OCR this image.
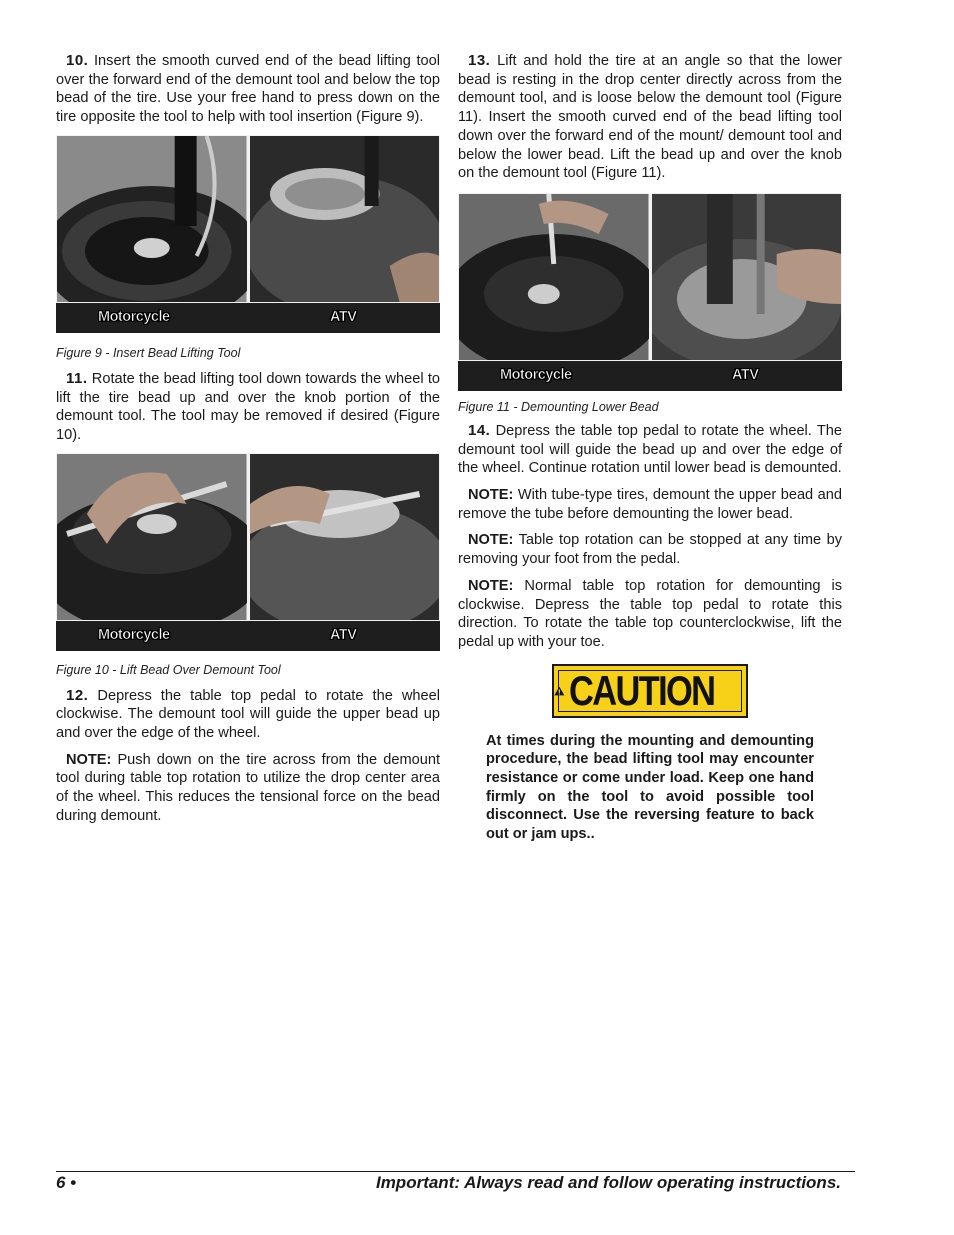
10. Insert the smooth curved end of the bead lifting tool over the forward end of the demount tool and below the top bead of the tire. Use your free hand to press down on the tire opposite the tool to help with tool insertion (Figure 9).

Motorcycle	ATV

Figure 9 - Insert Bead Lifting Tool

11. Rotate the bead lifting tool down towards the wheel to lift the tire bead up and over the knob portion of the demount tool. The tool may be removed if desired (Figure 10).

Motorcycle	ATV

Figure 10 - Lift Bead Over Demount Tool

12. Depress the table top pedal to rotate the wheel clockwise. The demount tool will guide the upper bead up and over the edge of the wheel.

NOTE: Push down on the tire across from the demount tool during table top rotation to utilize the drop center area of the wheel. This reduces the tensional force on the bead during demount.

13. Lift and hold the tire at an angle so that the lower bead is resting in the drop center directly across from the demount tool, and is loose below the demount tool (Figure 11). Insert the smooth curved end of the bead lifting tool down over the forward end of the mount/ demount tool and below the lower bead. Lift the bead up and over the knob on the demount tool (Figure 11).

Motorcycle	ATV

Figure 11 - Demounting Lower Bead

14. Depress the table top pedal to rotate the wheel. The demount tool will guide the bead up and over the edge of the wheel. Continue rotation until lower bead is demounted.

NOTE: With tube-type tires, demount the upper bead and remove the tube before demounting the lower bead.

NOTE: Table top rotation can be stopped at any time by removing your foot from the pedal.

NOTE: Normal table top rotation for demounting is clockwise. Depress the table top pedal to rotate this direction. To rotate the table top counterclockwise, lift the pedal up with your toe.

CAUTION

At times during the mounting and demounting procedure, the bead lifting tool may encounter resistance or come under load. Keep one hand firmly on the tool to avoid possible tool disconnect. Use the reversing feature to back out or jam ups..

6 •	Important: Always read and follow operating instructions.
